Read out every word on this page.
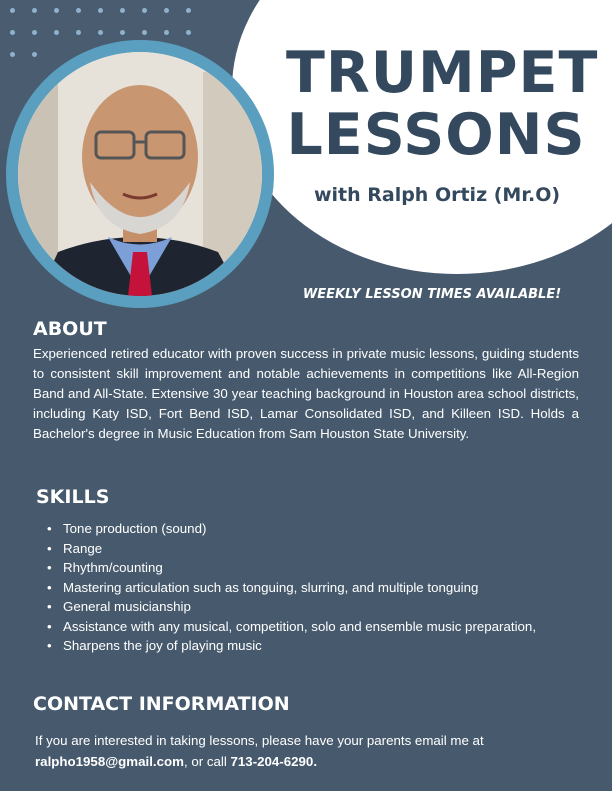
TRUMPET
LESSONS
with Ralph Ortiz (Mr.O)
WEEKLY LESSON TIMES AVAILABLE!
ABOUT
Experienced retired educator with proven success in private music lessons, guiding students to consistent skill improvement and notable achievements in competitions like All-Region Band and All-State. Extensive 30 year teaching background in Houston area school districts, including Katy ISD, Fort Bend ISD, Lamar Consolidated ISD, and Killeen ISD. Holds a Bachelor's degree in Music Education from Sam Houston State University.
SKILLS
• Tone production (sound)
• Range
• Rhythm/counting
• Mastering articulation such as tonguing, slurring, and multiple tonguing
• General musicianship
• Assistance with any musical, competition, solo and ensemble music preparation,
• Sharpens the joy of playing music
CONTACT INFORMATION
If you are interested in taking lessons, please have your parents email me at
ralpho1958@gmail.com, or call 713-204-6290.
